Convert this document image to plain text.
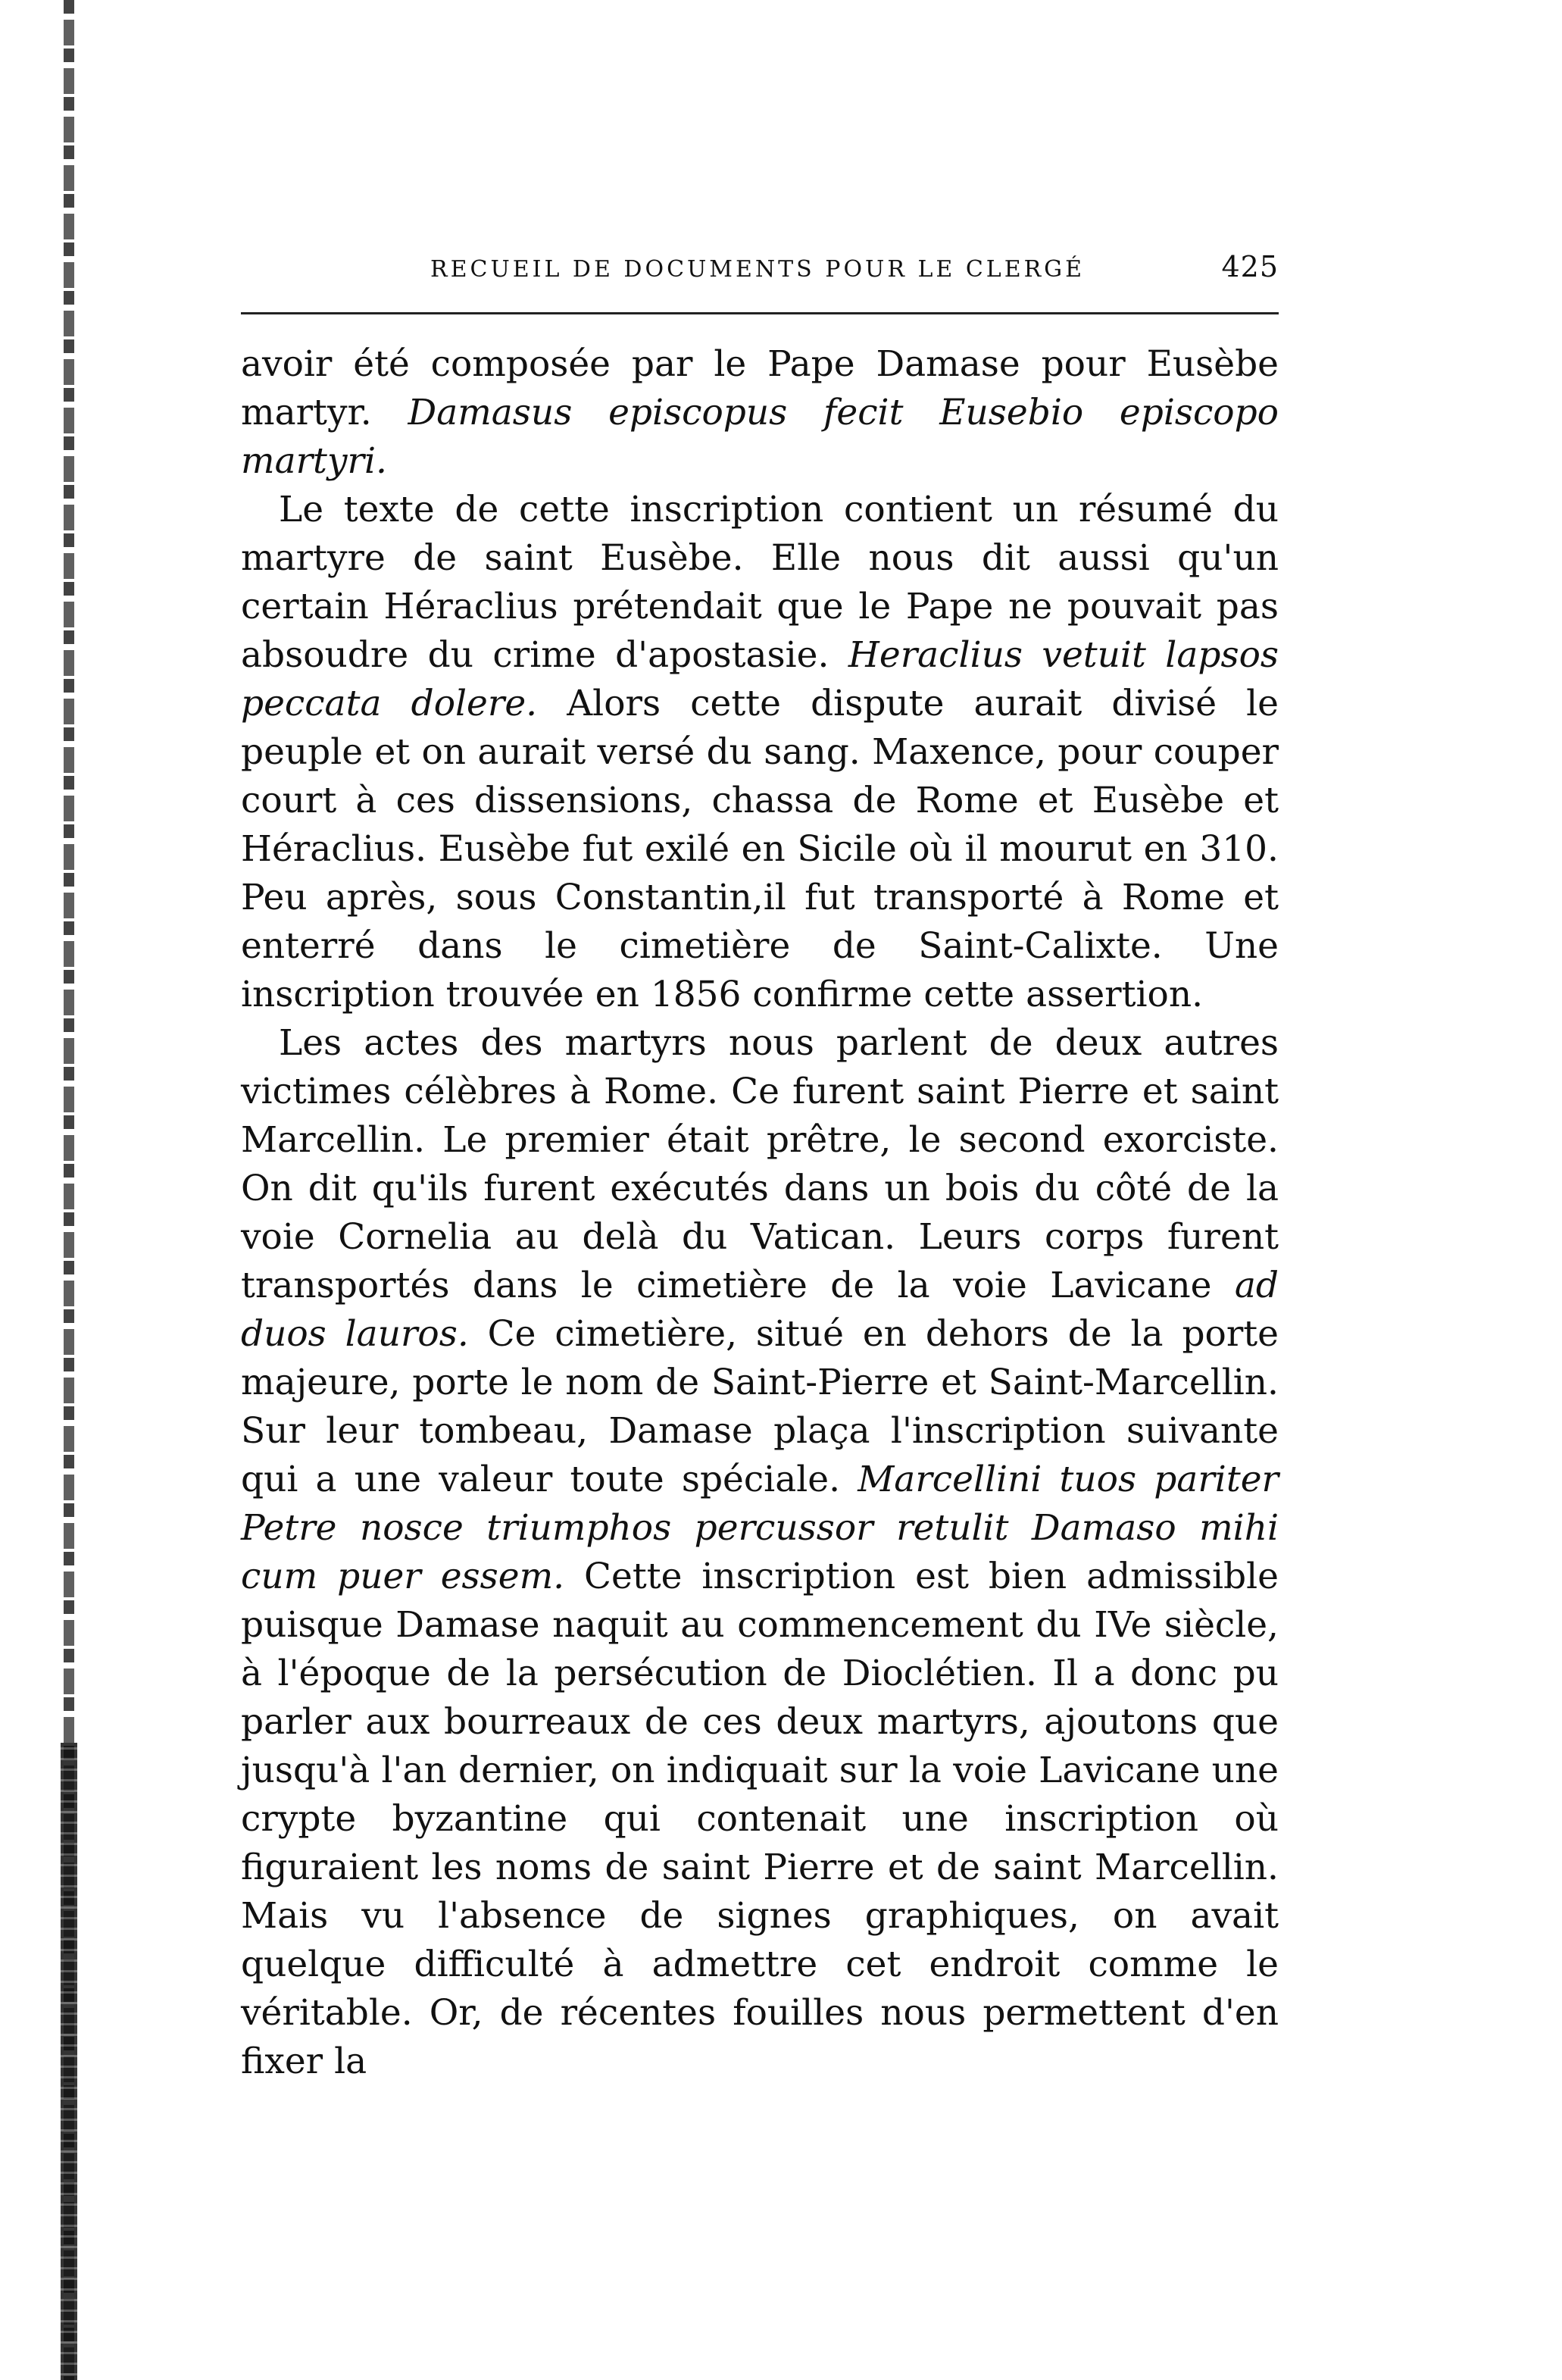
RECUEIL DE DOCUMENTS POUR LE CLERGÉ	425

avoir été composée par le Pape Damase pour Eusèbe martyr. Damasus episcopus fecit Eusebio episcopo martyri.

Le texte de cette inscription contient un résumé du martyre de saint Eusèbe. Elle nous dit aussi qu'un certain Héraclius prétendait que le Pape ne pouvait pas absoudre du crime d'apostasie. Heraclius vetuit lapsos peccata dolere. Alors cette dispute aurait divisé le peuple et on aurait versé du sang. Maxence, pour couper court à ces dissensions, chassa de Rome et Eusèbe et Héraclius. Eusèbe fut exilé en Sicile où il mourut en 310. Peu après, sous Constantin,il fut transporté à Rome et enterré dans le cimetière de Saint-Calixte. Une inscription trouvée en 1856 confirme cette assertion.

Les actes des martyrs nous parlent de deux autres victimes célèbres à Rome. Ce furent saint Pierre et saint Marcellin. Le premier était prêtre, le second exorciste. On dit qu'ils furent exécutés dans un bois du côté de la voie Cornelia au delà du Vatican. Leurs corps furent transportés dans le cimetière de la voie Lavicane ad duos lauros. Ce cimetière, situé en dehors de la porte majeure, porte le nom de Saint-Pierre et Saint-Marcellin. Sur leur tombeau, Damase plaça l'inscription suivante qui a une valeur toute spéciale. Marcellini tuos pariter Petre nosce triumphos percussor retulit Damaso mihi cum puer essem. Cette inscription est bien admissible puisque Damase naquit au commencement du IVe siècle, à l'époque de la persécution de Dioclétien. Il a donc pu parler aux bourreaux de ces deux martyrs, ajoutons que jusqu'à l'an dernier, on indiquait sur la voie Lavicane une crypte byzantine qui contenait une inscription où figuraient les noms de saint Pierre et de saint Marcellin. Mais vu l'absence de signes graphiques, on avait quelque difficulté à admettre cet endroit comme le véritable. Or, de récentes fouilles nous permettent d'en fixer la
